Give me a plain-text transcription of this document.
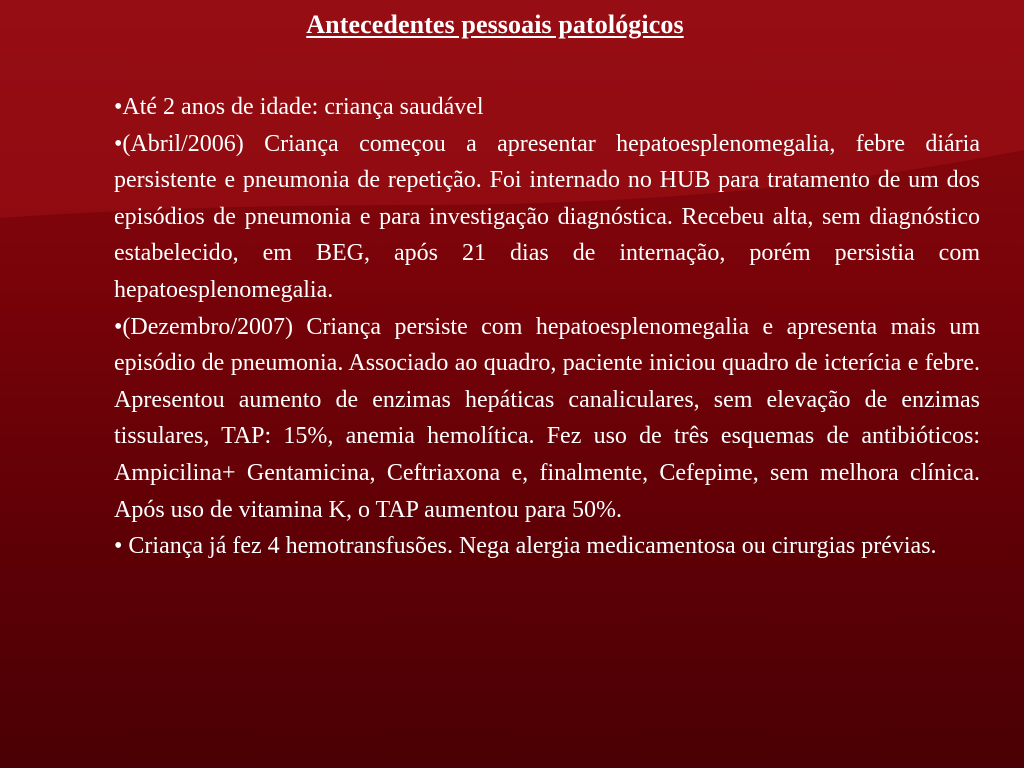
Antecedentes pessoais patológicos

•Até 2 anos de idade: criança saudável

•(Abril/2006) Criança começou a apresentar hepatoesplenomegalia, febre diária persistente e pneumonia de repetição. Foi internado no HUB para tratamento de um dos episódios de pneumonia e para investigação diagnóstica. Recebeu alta, sem diagnóstico estabelecido, em BEG, após 21 dias de internação, porém persistia com hepatoesplenomegalia.

•(Dezembro/2007) Criança persiste com hepatoesplenomegalia e apresenta mais um episódio de pneumonia. Associado ao quadro, paciente iniciou quadro de icterícia e febre. Apresentou aumento de enzimas hepáticas canaliculares, sem elevação de enzimas tissulares, TAP: 15%, anemia hemolítica. Fez uso de três esquemas de antibióticos: Ampicilina+ Gentamicina, Ceftriaxona e, finalmente, Cefepime, sem melhora clínica. Após uso de vitamina K, o TAP aumentou para 50%.

• Criança já fez 4 hemotransfusões. Nega alergia medicamentosa ou cirurgias prévias.
